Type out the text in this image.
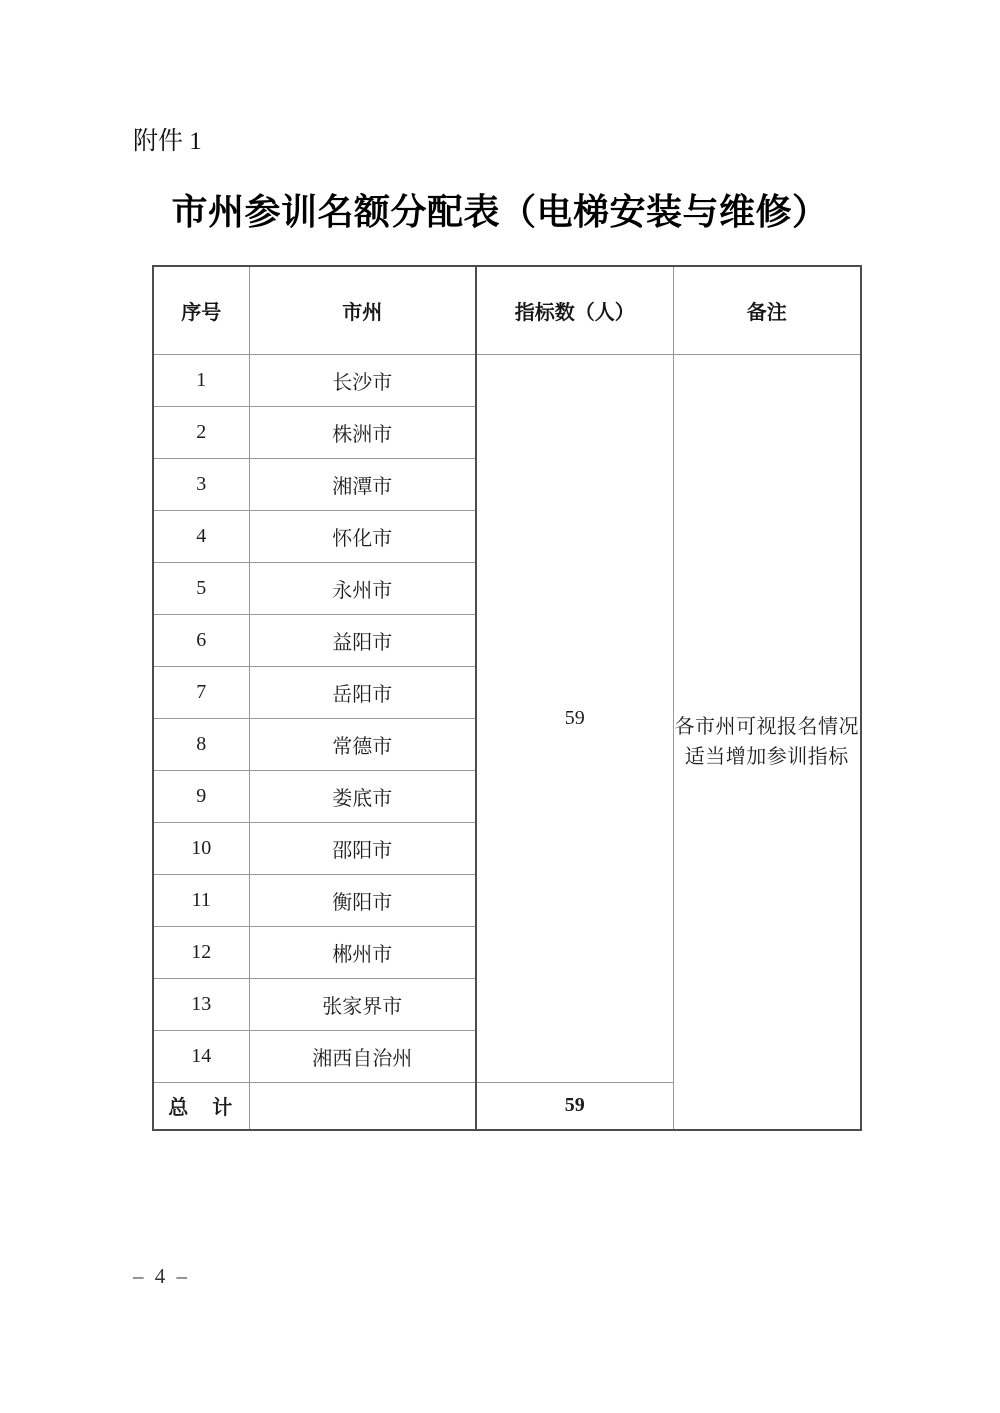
附件 1
市州参训名额分配表（电梯安装与维修）
序号	市州	指标数（人）	备注
1	长沙市	59	各市州可视报名情况
适当增加参训指标

2	株洲市		
3	湘潭市		
4	怀化市		
5	永州市		
6	益阳市		
7	岳阳市		
8	常德市		
9	娄底市		
10	邵阳市		
11	衡阳市		
12	郴州市		
13	张家界市		
14	湘西自治州		
总　计		59	
– 4 –
